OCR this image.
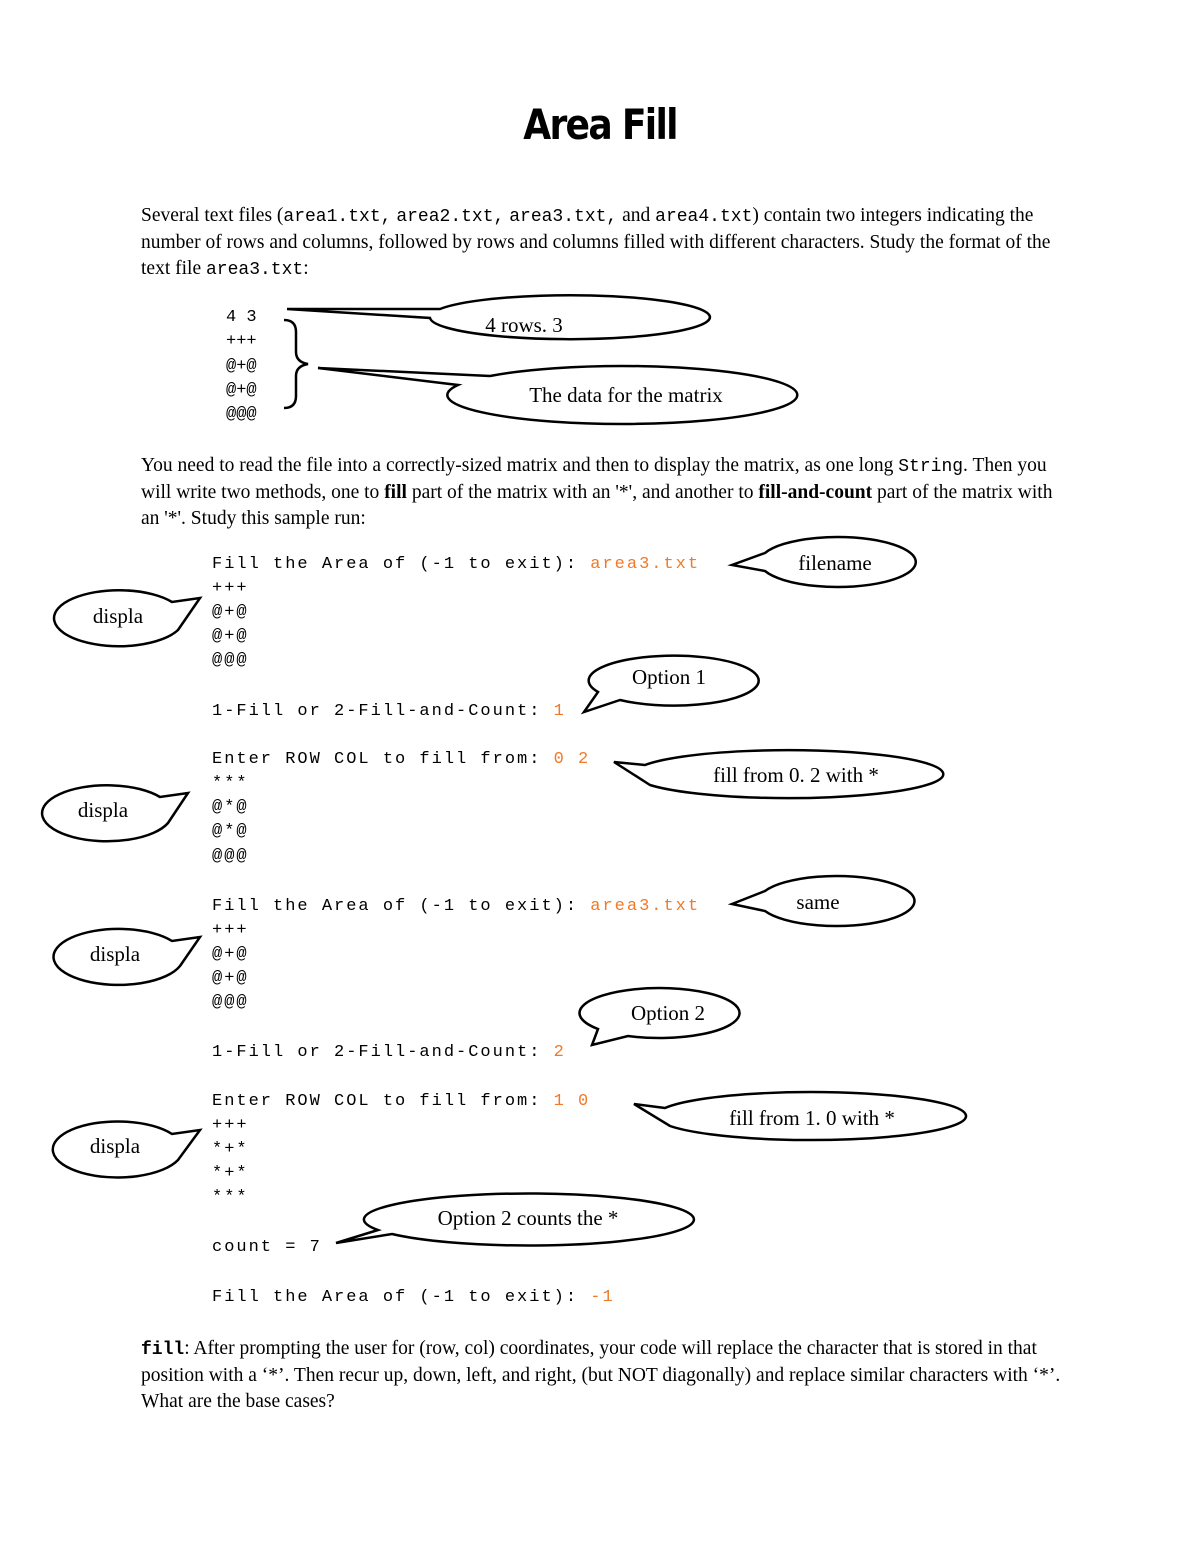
Area Fill
Several text files (area1.txt, area2.txt, area3.txt, and area4.txt) contain two integers indicating the number of rows and columns, followed by rows and columns filled with different characters. Study the format of the text file area3.txt:
4 3
+++
@+@
@+@
@@@
You need to read the file into a correctly-sized matrix and then to display the matrix, as one long String. Then you will write two methods, one to fill part of the matrix with an '*', and another to fill-and-count part of the matrix with an '*'. Study this sample run:
Fill the Area of (-1 to exit): area3.txt
+++
@+@
@+@
@@@
1-Fill or 2-Fill-and-Count: 1
Enter ROW COL to fill from: 0 2
***
@*@
@*@
@@@
Fill the Area of (-1 to exit): area3.txt
+++
@+@
@+@
@@@
1-Fill or 2-Fill-and-Count: 2
Enter ROW COL to fill from: 1 0
+++
*+*
*+*
***
count = 7
Fill the Area of (-1 to exit): -1
fill: After prompting the user for (row, col) coordinates, your code will replace the character that is stored in that position with a ‘*’. Then recur up, down, left, and right, (but NOT diagonally) and replace similar characters with ‘*’. What are the base cases?
4 rows. 3
The data for the matrix
filename
displa
Option 1
fill from 0. 2 with *
displa
same
displa
Option 2
fill from 1. 0 with *
displa
Option 2 counts the *
